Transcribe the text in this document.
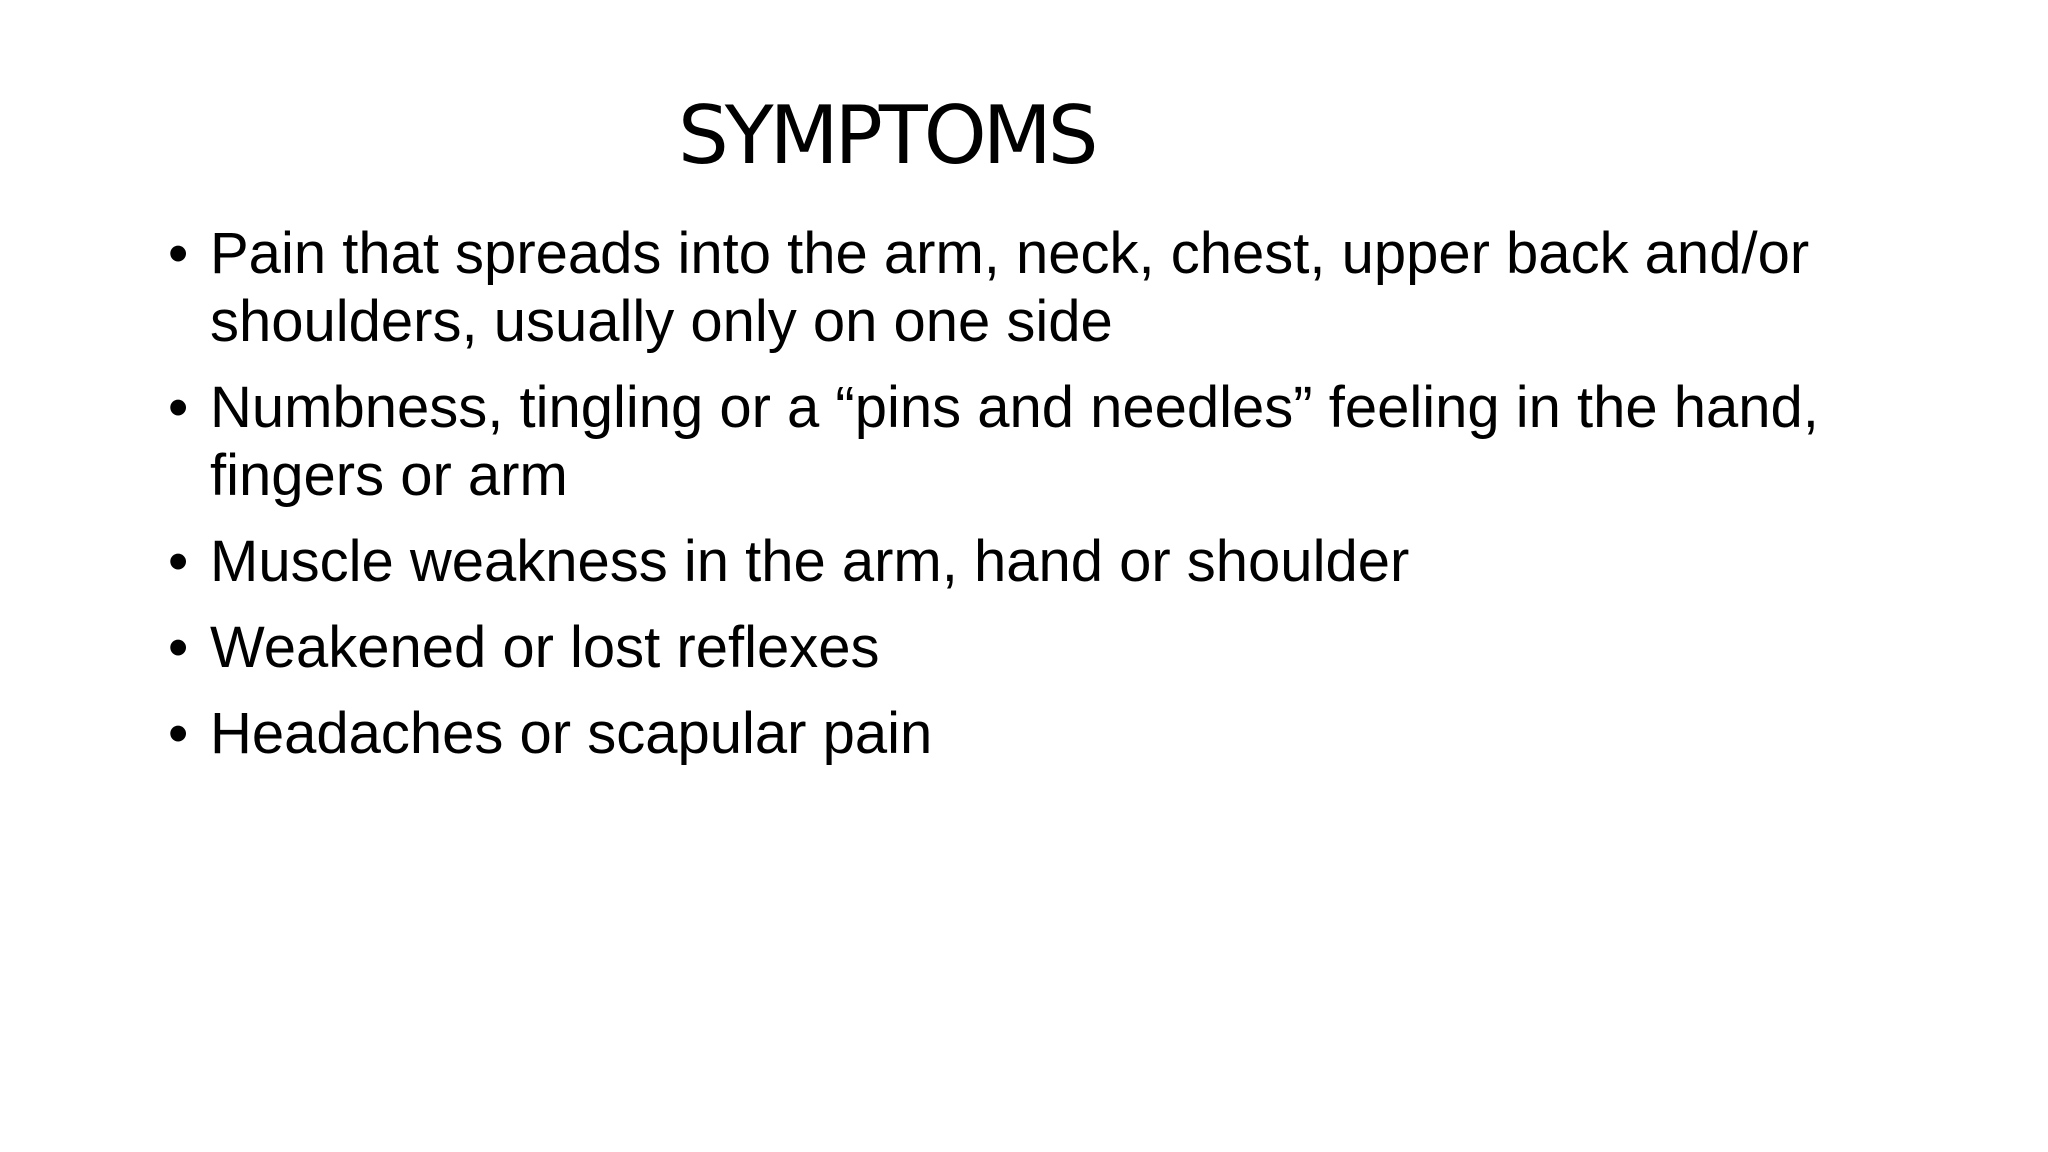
SYMPTOMS
• Pain that spreads into the arm, neck, chest, upper back and/or shoulders, usually only on one side
• Numbness, tingling or a “pins and needles” feeling in the hand, fingers or arm
• Muscle weakness in the arm, hand or shoulder
• Weakened or lost reflexes
• Headaches or scapular pain
